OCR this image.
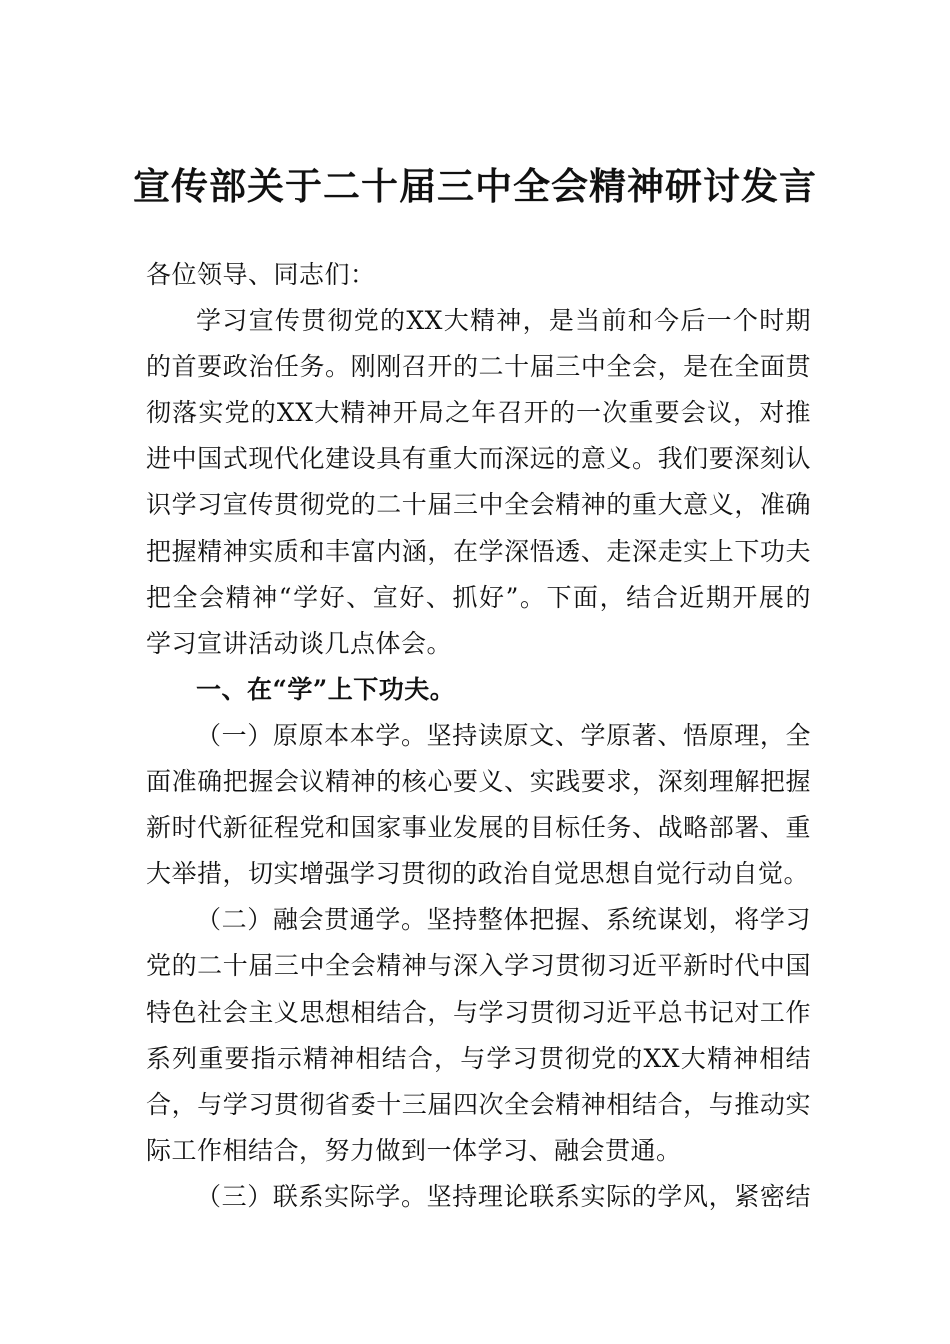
宣传部关于二十届三中全会精神研讨发言
各位领导、同志们：
学习宣传贯彻党的XX大精神，是当前和今后一个时期
的首要政治任务。刚刚召开的二十届三中全会，是在全面贯
彻落实党的XX大精神开局之年召开的一次重要会议，对推
进中国式现代化建设具有重大而深远的意义。我们要深刻认
识学习宣传贯彻党的二十届三中全会精神的重大意义，准确
把握精神实质和丰富内涵，在学深悟透、走深走实上下功夫
把全会精神“学好、宣好、抓好”。下面，结合近期开展的
学习宣讲活动谈几点体会。
一、在“学”上下功夫。
（一）原原本本学。坚持读原文、学原著、悟原理，全
面准确把握会议精神的核心要义、实践要求，深刻理解把握
新时代新征程党和国家事业发展的目标任务、战略部署、重
大举措，切实增强学习贯彻的政治自觉思想自觉行动自觉。
（二）融会贯通学。坚持整体把握、系统谋划，将学习
党的二十届三中全会精神与深入学习贯彻习近平新时代中国
特色社会主义思想相结合，与学习贯彻习近平总书记对工作
系列重要指示精神相结合，与学习贯彻党的XX大精神相结
合，与学习贯彻省委十三届四次全会精神相结合，与推动实
际工作相结合，努力做到一体学习、融会贯通。
（三）联系实际学。坚持理论联系实际的学风，紧密结
